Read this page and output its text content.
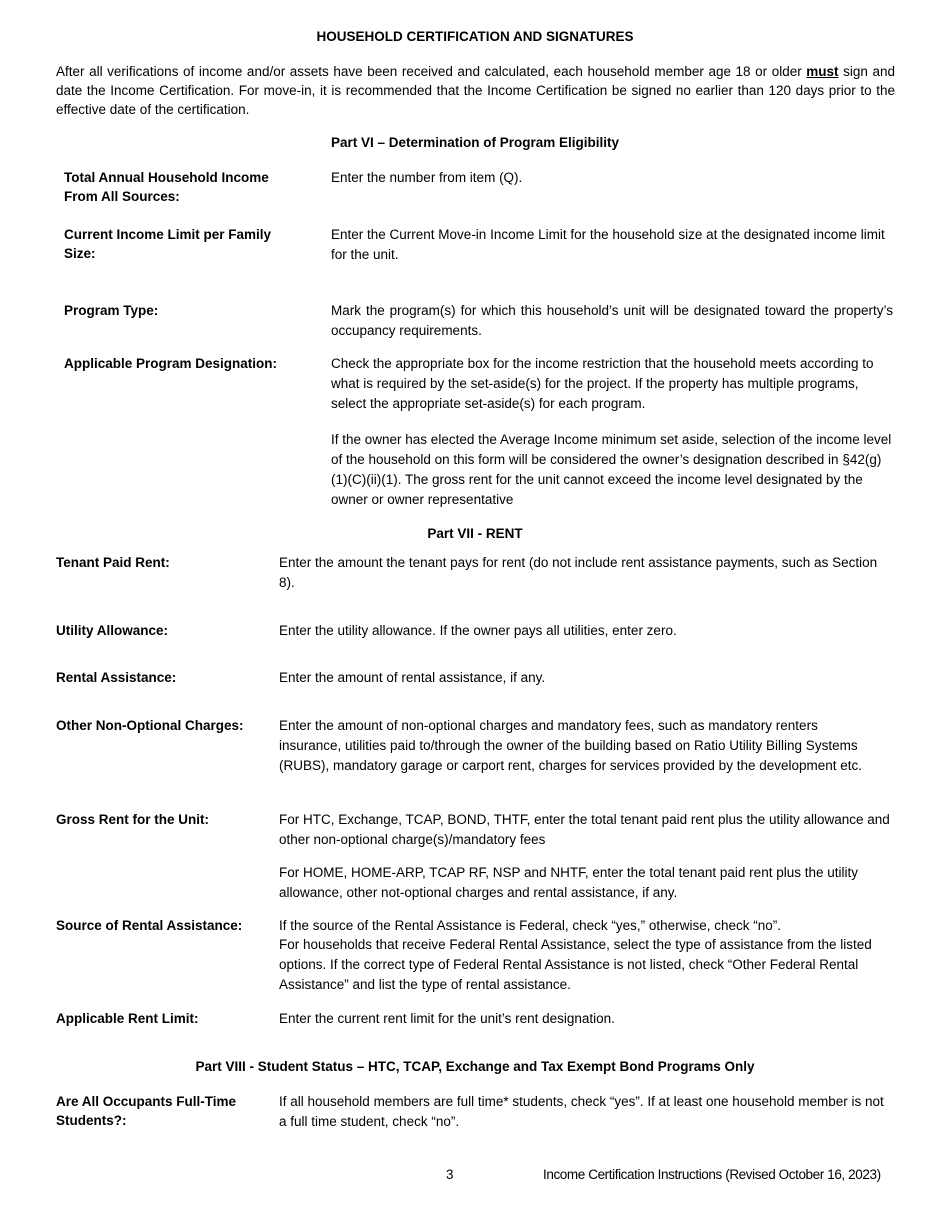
HOUSEHOLD CERTIFICATION AND SIGNATURES
After all verifications of income and/or assets have been received and calculated, each household member age 18 or older must sign and date the Income Certification. For move-in, it is recommended that the Income Certification be signed no earlier than 120 days prior to the effective date of the certification.
Part VI – Determination of Program Eligibility
Total Annual Household Income From All Sources:
Enter the number from item (Q).
Current Income Limit per Family Size:
Enter the Current Move-in Income Limit for the household size at the designated income limit for the unit.
Program Type:	Mark the program(s) for which this household’s unit will be designated toward the property’s occupancy requirements.
Applicable Program Designation:	Check the appropriate box for the income restriction that the household meets according to what is required by the set-aside(s) for the project. If the property has multiple programs, select the appropriate set-aside(s) for each program.
If the owner has elected the Average Income minimum set aside, selection of the income level of the household on this form will be considered the owner’s designation described in §42(g)(1)(C)(ii)(1). The gross rent for the unit cannot exceed the income level designated by the owner or owner representative
Part VII - RENT
Tenant Paid Rent:	Enter the amount the tenant pays for rent (do not include rent assistance payments, such as Section 8).
Utility Allowance:	Enter the utility allowance. If the owner pays all utilities, enter zero.
Rental Assistance:	Enter the amount of rental assistance, if any.
Other Non-Optional Charges:	Enter the amount of non-optional charges and mandatory fees, such as mandatory renters insurance, utilities paid to/through the owner of the building based on Ratio Utility Billing Systems (RUBS), mandatory garage or carport rent, charges for services provided by the development etc.
Gross Rent for the Unit:	For HTC, Exchange, TCAP, BOND, THTF, enter the total tenant paid rent plus the utility allowance and other non-optional charge(s)/mandatory fees
For HOME, HOME-ARP, TCAP RF, NSP and NHTF, enter the total tenant paid rent plus the utility allowance, other not-optional charges and rental assistance, if any.
Source of Rental Assistance:	If the source of the Rental Assistance is Federal, check “yes,” otherwise, check “no”.
For households that receive Federal Rental Assistance, select the type of assistance from the listed options. If the correct type of Federal Rental Assistance is not listed, check “Other Federal Rental Assistance” and list the type of rental assistance.
Applicable Rent Limit:	Enter the current rent limit for the unit’s rent designation.
Part VIII - Student Status – HTC, TCAP, Exchange and Tax Exempt Bond Programs Only
Are All Occupants Full-Time Students?:
If all household members are full time* students, check “yes”. If at least one household member is not a full time student, check “no”.
3	Income Certification Instructions (Revised October 16, 2023)
